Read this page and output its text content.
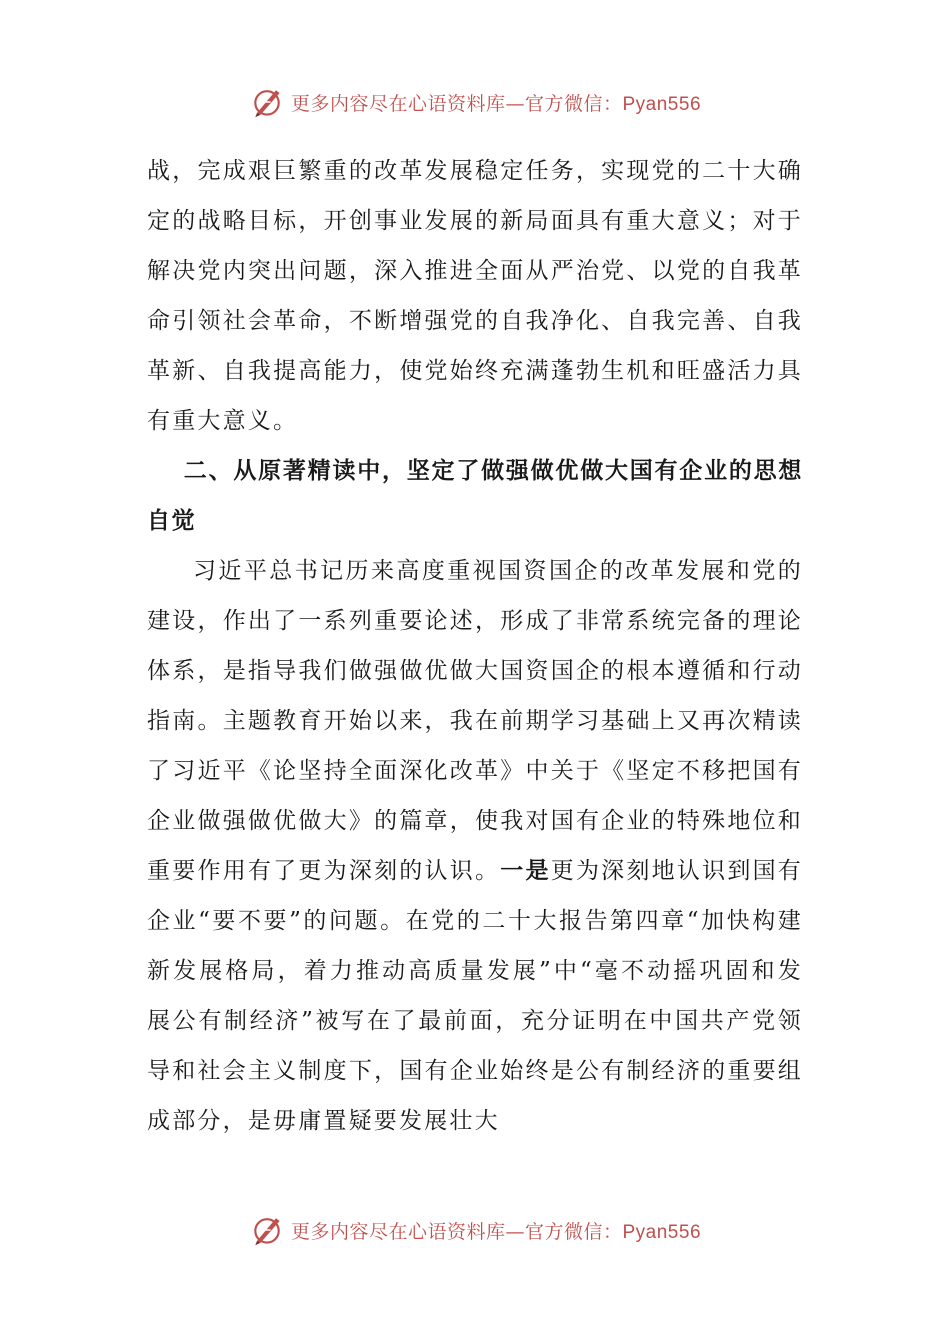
更多内容尽在心语资料库—官方微信：Pyan556

战，完成艰巨繁重的改革发展稳定任务，实现党的二十大确定的战略目标，开创事业发展的新局面具有重大意义；对于解决党内突出问题，深入推进全面从严治党、以党的自我革命引领社会革命，不断增强党的自我净化、自我完善、自我革新、自我提高能力，使党始终充满蓬勃生机和旺盛活力具有重大意义。

二、从原著精读中，坚定了做强做优做大国有企业的思想自觉

习近平总书记历来高度重视国资国企的改革发展和党的建设，作出了一系列重要论述，形成了非常系统完备的理论体系，是指导我们做强做优做大国资国企的根本遵循和行动指南。主题教育开始以来，我在前期学习基础上又再次精读了习近平《论坚持全面深化改革》中关于《坚定不移把国有企业做强做优做大》的篇章，使我对国有企业的特殊地位和重要作用有了更为深刻的认识。一是更为深刻地认识到国有企业“要不要”的问题。在党的二十大报告第四章“加快构建新发展格局，着力推动高质量发展”中“毫不动摇巩固和发展公有制经济”被写在了最前面，充分证明在中国共产党领导和社会主义制度下，国有企业始终是公有制经济的重要组成部分，是毋庸置疑要发展壮大

更多内容尽在心语资料库—官方微信：Pyan556
